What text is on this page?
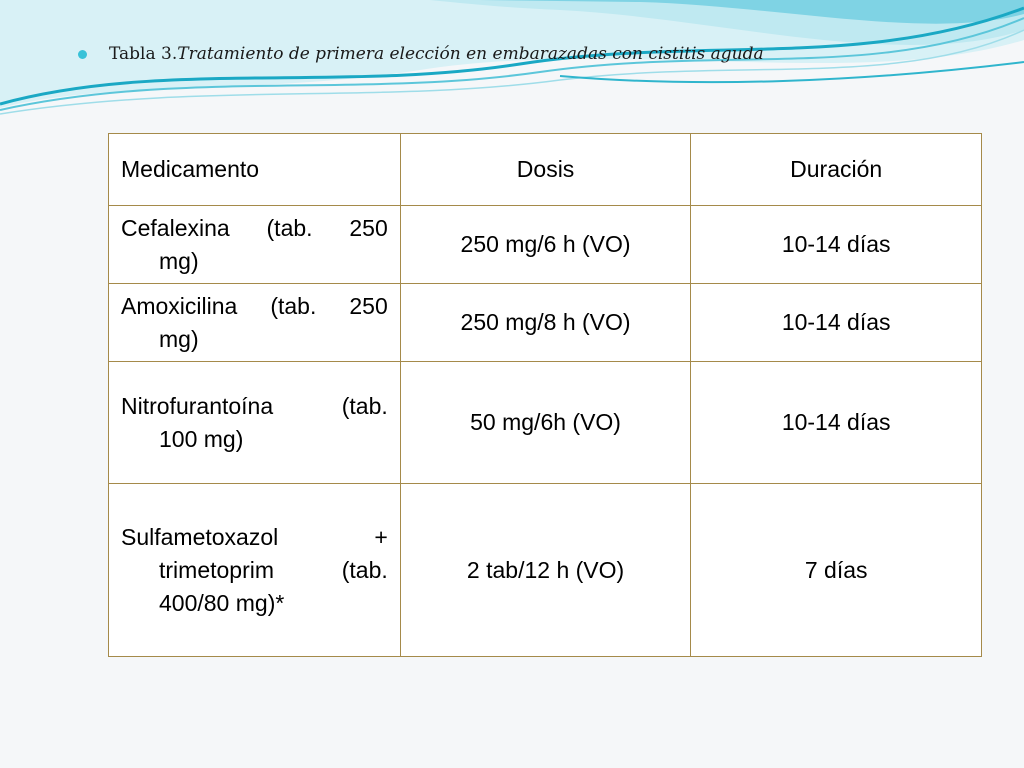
Tabla 3. Tratamiento de primera elección en embarazadas con cistitis aguda
Medicamento	Dosis	Duración

Cefalexina (tab. 250
mg)	250 mg/6 h (VO)	10-14 días

Amoxicilina (tab. 250
mg)	250 mg/8 h (VO)	10-14 días

Nitrofurantoína (tab.
100 mg)	50 mg/6h (VO)	10-14 días

Sulfametoxazol +
trimetoprim (tab.
400/80 mg)*	2 tab/12 h (VO)	7 días
